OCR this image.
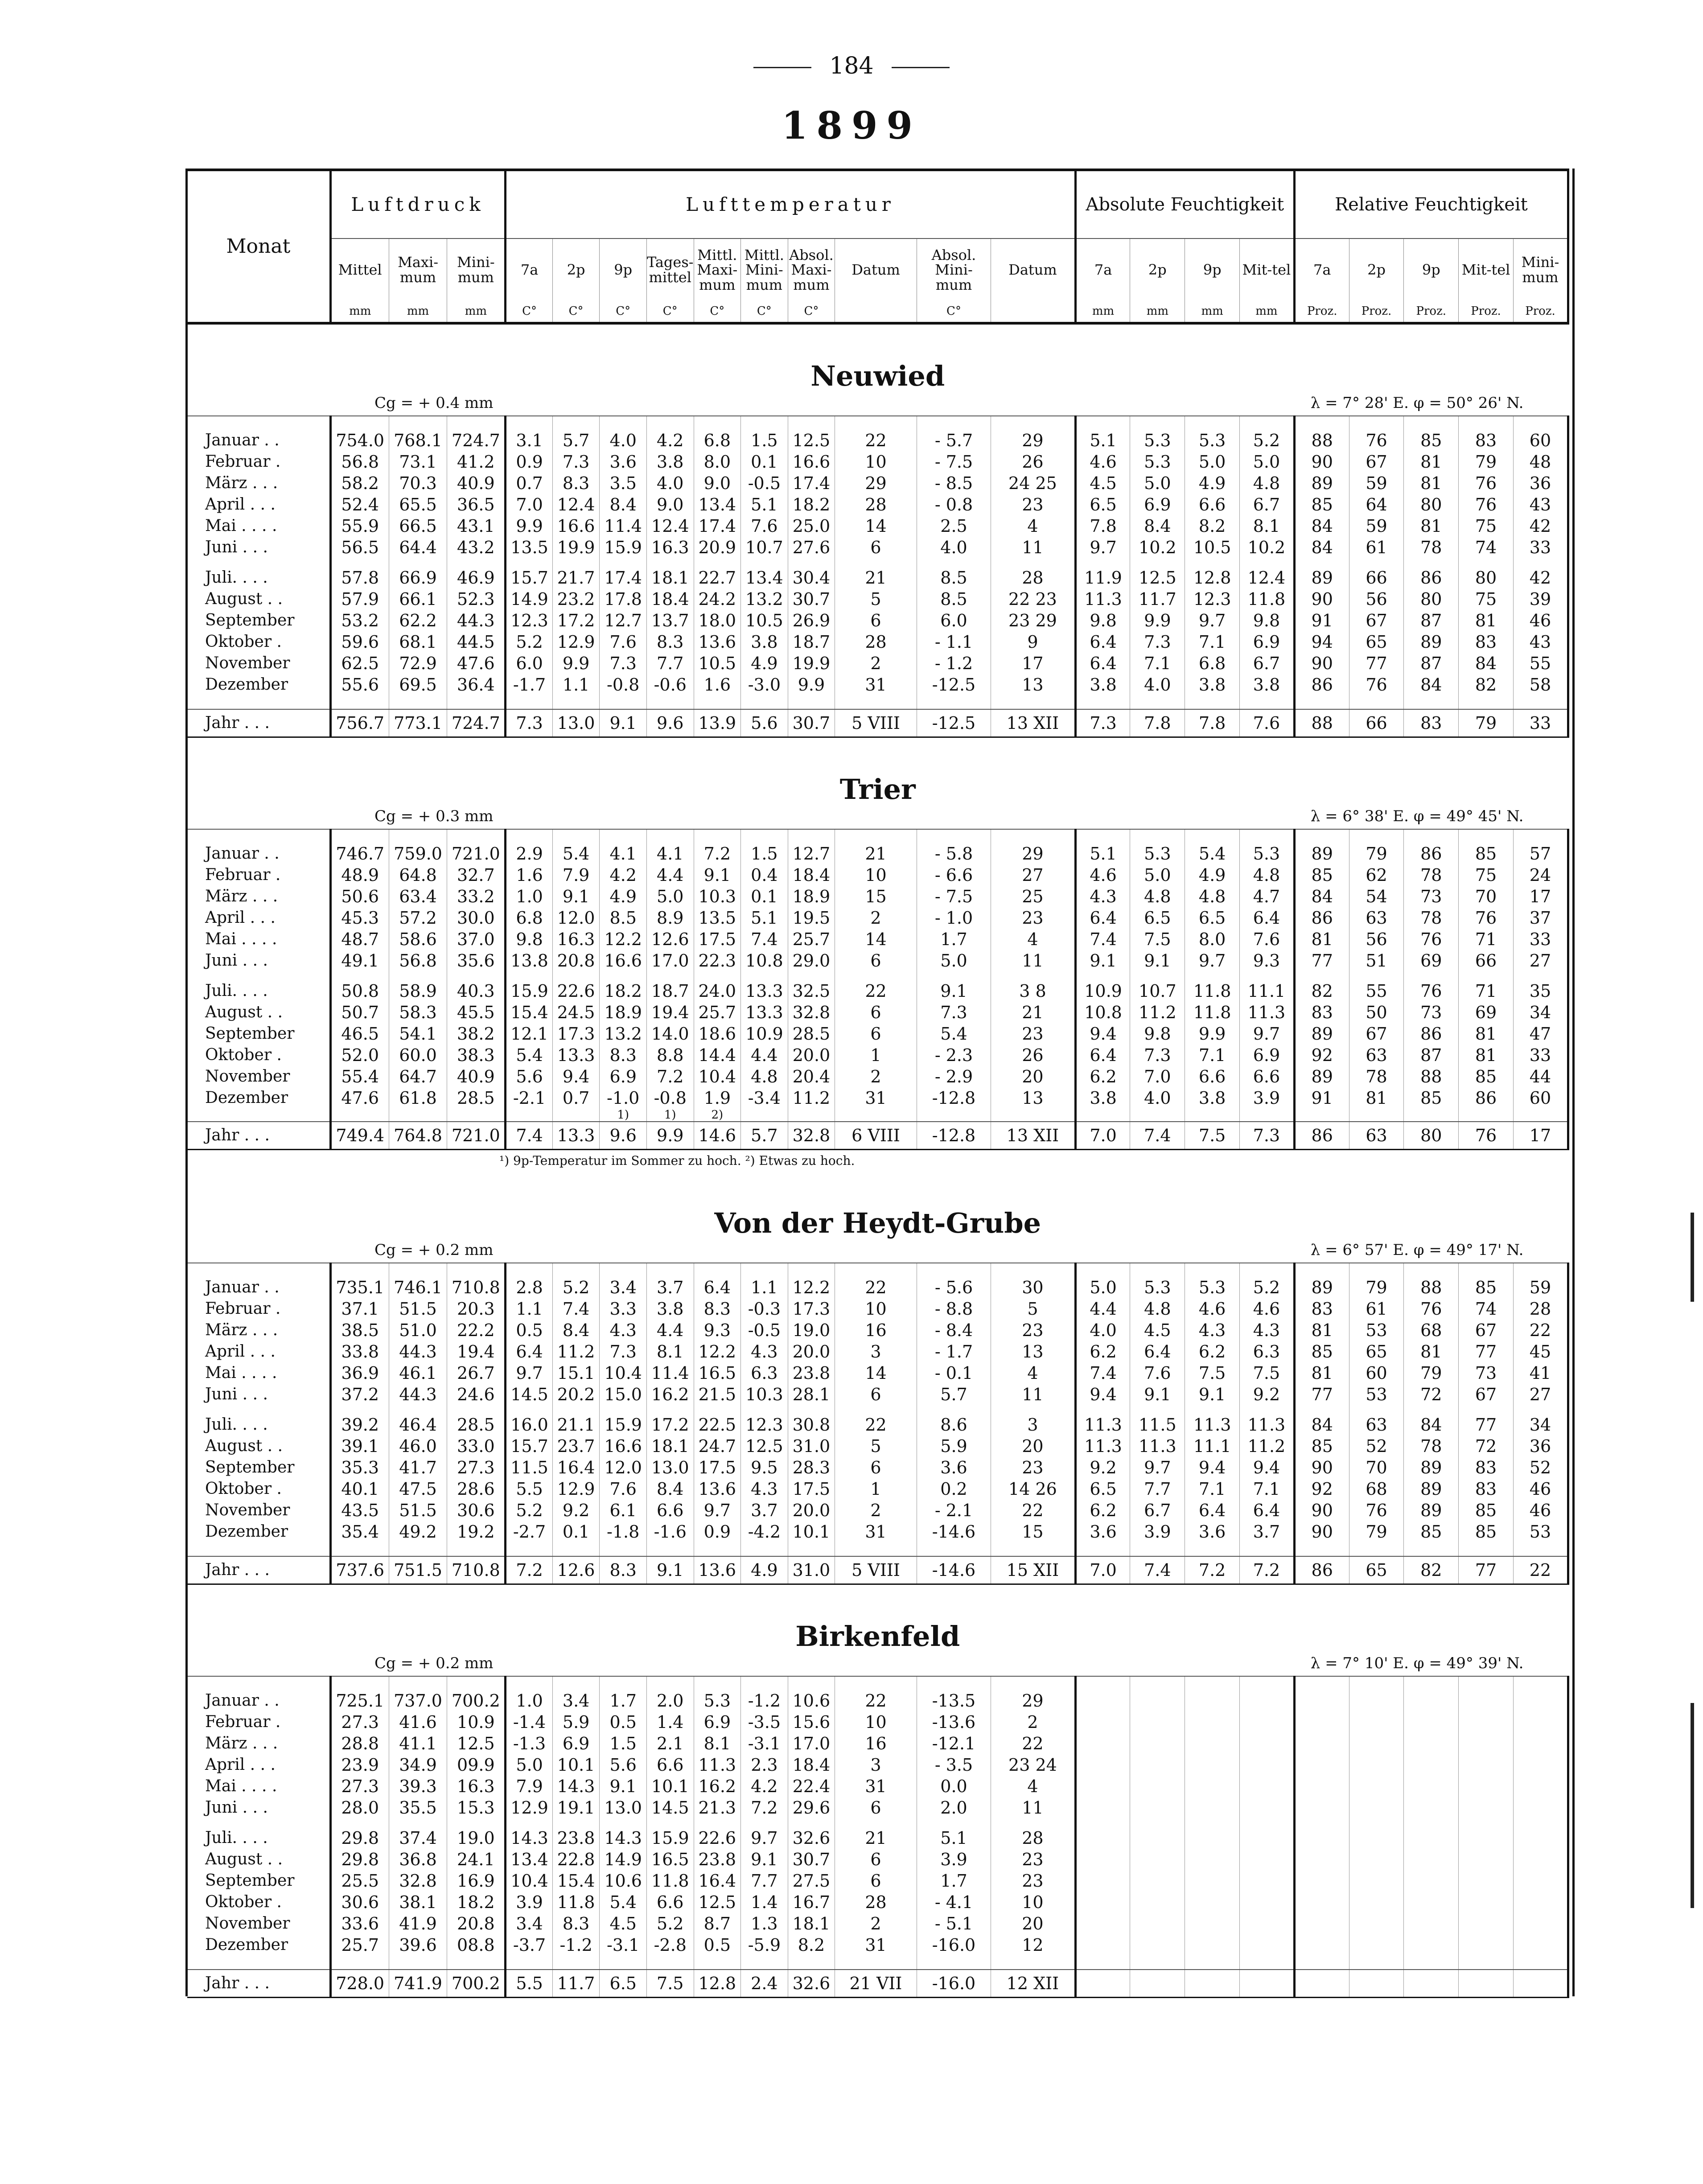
184
1899
Monat	Luftdruck			Lufttemperatur										Absolute Feuchtigkeit				Relative Feuchtigkeit				
	Mittel	Maxi-mum	Mini-mum	7a	2p	9p	Tages-mittel	Mittl. Maxi-mum	Mittl. Mini-mum	Absol. Maxi-mum	Datum	Absol. Mini-mum	Datum	7a	2p	9p	Mit-tel	7a	2p	9p	Mit-tel	Mini-mum
	mm	mm	mm	C°	C°	C°	C°	C°	C°	C°		C°		mm	mm	mm	mm	Proz.	Proz.	Proz.	Proz.	Proz.
Neuwied																						
Cg = + 0.4 mm												λ = 7° 28' E. φ = 50° 26' N.										

Januar . .	754.0	768.1	724.7	3.1	5.7	4.0	4.2	6.8	1.5	12.5	22	- 5.7	29	5.1	5.3	5.3	5.2	88	76	85	83	60
Februar .	56.8	73.1	41.2	0.9	7.3	3.6	3.8	8.0	0.1	16.6	10	- 7.5	26	4.6	5.3	5.0	5.0	90	67	81	79	48
März . . .	58.2	70.3	40.9	0.7	8.3	3.5	4.0	9.0	-0.5	17.4	29	- 8.5	24 25	4.5	5.0	4.9	4.8	89	59	81	76	36
April . . .	52.4	65.5	36.5	7.0	12.4	8.4	9.0	13.4	5.1	18.2	28	- 0.8	23	6.5	6.9	6.6	6.7	85	64	80	76	43
Mai . . . .	55.9	66.5	43.1	9.9	16.6	11.4	12.4	17.4	7.6	25.0	14	2.5	4	7.8	8.4	8.2	8.1	84	59	81	75	42
Juni . . .	56.5	64.4	43.2	13.5	19.9	15.9	16.3	20.9	10.7	27.6	6	4.0	11	9.7	10.2	10.5	10.2	84	61	78	74	33

Juli. . . .	57.8	66.9	46.9	15.7	21.7	17.4	18.1	22.7	13.4	30.4	21	8.5	28	11.9	12.5	12.8	12.4	89	66	86	80	42
August . .	57.9	66.1	52.3	14.9	23.2	17.8	18.4	24.2	13.2	30.7	5	8.5	22 23	11.3	11.7	12.3	11.8	90	56	80	75	39
September	53.2	62.2	44.3	12.3	17.2	12.7	13.7	18.0	10.5	26.9	6	6.0	23 29	9.8	9.9	9.7	9.8	91	67	87	81	46
Oktober .	59.6	68.1	44.5	5.2	12.9	7.6	8.3	13.6	3.8	18.7	28	- 1.1	9	6.4	7.3	7.1	6.9	94	65	89	83	43
November	62.5	72.9	47.6	6.0	9.9	7.3	7.7	10.5	4.9	19.9	2	- 1.2	17	6.4	7.1	6.8	6.7	90	77	87	84	55
Dezember	55.6	69.5	36.4	-1.7	1.1	-0.8	-0.6	1.6	-3.0	9.9	31	-12.5	13	3.8	4.0	3.8	3.8	86	76	84	82	58

Jahr . . .	756.7	773.1	724.7	7.3	13.0	9.1	9.6	13.9	5.6	30.7	5 VIII	-12.5	13 XII	7.3	7.8	7.8	7.6	88	66	83	79	33
Trier																						
Cg = + 0.3 mm												λ = 6° 38' E. φ = 49° 45' N.										

Januar . .	746.7	759.0	721.0	2.9	5.4	4.1	4.1	7.2	1.5	12.7	21	- 5.8	29	5.1	5.3	5.4	5.3	89	79	86	85	57
Februar .	48.9	64.8	32.7	1.6	7.9	4.2	4.4	9.1	0.4	18.4	10	- 6.6	27	4.6	5.0	4.9	4.8	85	62	78	75	24
März . . .	50.6	63.4	33.2	1.0	9.1	4.9	5.0	10.3	0.1	18.9	15	- 7.5	25	4.3	4.8	4.8	4.7	84	54	73	70	17
April . . .	45.3	57.2	30.0	6.8	12.0	8.5	8.9	13.5	5.1	19.5	2	- 1.0	23	6.4	6.5	6.5	6.4	86	63	78	76	37
Mai . . . .	48.7	58.6	37.0	9.8	16.3	12.2	12.6	17.5	7.4	25.7	14	1.7	4	7.4	7.5	8.0	7.6	81	56	76	71	33
Juni . . .	49.1	56.8	35.6	13.8	20.8	16.6	17.0	22.3	10.8	29.0	6	5.0	11	9.1	9.1	9.7	9.3	77	51	69	66	27

Juli. . . .	50.8	58.9	40.3	15.9	22.6	18.2	18.7	24.0	13.3	32.5	22	9.1	3 8	10.9	10.7	11.8	11.1	82	55	76	71	35
August . .	50.7	58.3	45.5	15.4	24.5	18.9	19.4	25.7	13.3	32.8	6	7.3	21	10.8	11.2	11.8	11.3	83	50	73	69	34
September	46.5	54.1	38.2	12.1	17.3	13.2	14.0	18.6	10.9	28.5	6	5.4	23	9.4	9.8	9.9	9.7	89	67	86	81	47
Oktober .	52.0	60.0	38.3	5.4	13.3	8.3	8.8	14.4	4.4	20.0	1	- 2.3	26	6.4	7.3	7.1	6.9	92	63	87	81	33
November	55.4	64.7	40.9	5.6	9.4	6.9	7.2	10.4	4.8	20.4	2	- 2.9	20	6.2	7.0	6.6	6.6	89	78	88	85	44
Dezember	47.6	61.8	28.5	-2.1	0.7	-1.0	-0.8	1.9	-3.4	11.2	31	-12.8	13	3.8	4.0	3.8	3.9	91	81	85	86	60
						1)	1)	2)														
Jahr . . .	749.4	764.8	721.0	7.4	13.3	9.6	9.9	14.6	5.7	32.8	6 VIII	-12.8	13 XII	7.0	7.4	7.5	7.3	86	63	80	76	17
¹) 9p-Temperatur im Sommer zu hoch. ²) Etwas zu hoch.																						
Von der Heydt-Grube																						
Cg = + 0.2 mm												λ = 6° 57' E. φ = 49° 17' N.										

Januar . .	735.1	746.1	710.8	2.8	5.2	3.4	3.7	6.4	1.1	12.2	22	- 5.6	30	5.0	5.3	5.3	5.2	89	79	88	85	59
Februar .	37.1	51.5	20.3	1.1	7.4	3.3	3.8	8.3	-0.3	17.3	10	- 8.8	5	4.4	4.8	4.6	4.6	83	61	76	74	28
März . . .	38.5	51.0	22.2	0.5	8.4	4.3	4.4	9.3	-0.5	19.0	16	- 8.4	23	4.0	4.5	4.3	4.3	81	53	68	67	22
April . . .	33.8	44.3	19.4	6.4	11.2	7.3	8.1	12.2	4.3	20.0	3	- 1.7	13	6.2	6.4	6.2	6.3	85	65	81	77	45
Mai . . . .	36.9	46.1	26.7	9.7	15.1	10.4	11.4	16.5	6.3	23.8	14	- 0.1	4	7.4	7.6	7.5	7.5	81	60	79	73	41
Juni . . .	37.2	44.3	24.6	14.5	20.2	15.0	16.2	21.5	10.3	28.1	6	5.7	11	9.4	9.1	9.1	9.2	77	53	72	67	27

Juli. . . .	39.2	46.4	28.5	16.0	21.1	15.9	17.2	22.5	12.3	30.8	22	8.6	3	11.3	11.5	11.3	11.3	84	63	84	77	34
August . .	39.1	46.0	33.0	15.7	23.7	16.6	18.1	24.7	12.5	31.0	5	5.9	20	11.3	11.3	11.1	11.2	85	52	78	72	36
September	35.3	41.7	27.3	11.5	16.4	12.0	13.0	17.5	9.5	28.3	6	3.6	23	9.2	9.7	9.4	9.4	90	70	89	83	52
Oktober .	40.1	47.5	28.6	5.5	12.9	7.6	8.4	13.6	4.3	17.5	1	0.2	14 26	6.5	7.7	7.1	7.1	92	68	89	83	46
November	43.5	51.5	30.6	5.2	9.2	6.1	6.6	9.7	3.7	20.0	2	- 2.1	22	6.2	6.7	6.4	6.4	90	76	89	85	46
Dezember	35.4	49.2	19.2	-2.7	0.1	-1.8	-1.6	0.9	-4.2	10.1	31	-14.6	15	3.6	3.9	3.6	3.7	90	79	85	85	53

Jahr . . .	737.6	751.5	710.8	7.2	12.6	8.3	9.1	13.6	4.9	31.0	5 VIII	-14.6	15 XII	7.0	7.4	7.2	7.2	86	65	82	77	22
Birkenfeld																						
Cg = + 0.2 mm												λ = 7° 10' E. φ = 49° 39' N.										

Januar . .	725.1	737.0	700.2	1.0	3.4	1.7	2.0	5.3	-1.2	10.6	22	-13.5	29									
Februar .	27.3	41.6	10.9	-1.4	5.9	0.5	1.4	6.9	-3.5	15.6	10	-13.6	2									
März . . .	28.8	41.1	12.5	-1.3	6.9	1.5	2.1	8.1	-3.1	17.0	16	-12.1	22									
April . . .	23.9	34.9	09.9	5.0	10.1	5.6	6.6	11.3	2.3	18.4	3	- 3.5	23 24									
Mai . . . .	27.3	39.3	16.3	7.9	14.3	9.1	10.1	16.2	4.2	22.4	31	0.0	4									
Juni . . .	28.0	35.5	15.3	12.9	19.1	13.0	14.5	21.3	7.2	29.6	6	2.0	11									

Juli. . . .	29.8	37.4	19.0	14.3	23.8	14.3	15.9	22.6	9.7	32.6	21	5.1	28									
August . .	29.8	36.8	24.1	13.4	22.8	14.9	16.5	23.8	9.1	30.7	6	3.9	23									
September	25.5	32.8	16.9	10.4	15.4	10.6	11.8	16.4	7.7	27.5	6	1.7	23									
Oktober .	30.6	38.1	18.2	3.9	11.8	5.4	6.6	12.5	1.4	16.7	28	- 4.1	10									
November	33.6	41.9	20.8	3.4	8.3	4.5	5.2	8.7	1.3	18.1	2	- 5.1	20									
Dezember	25.7	39.6	08.8	-3.7	-1.2	-3.1	-2.8	0.5	-5.9	8.2	31	-16.0	12									

Jahr . . .	728.0	741.9	700.2	5.5	11.7	6.5	7.5	12.8	2.4	32.6	21 VII	-16.0	12 XII									
